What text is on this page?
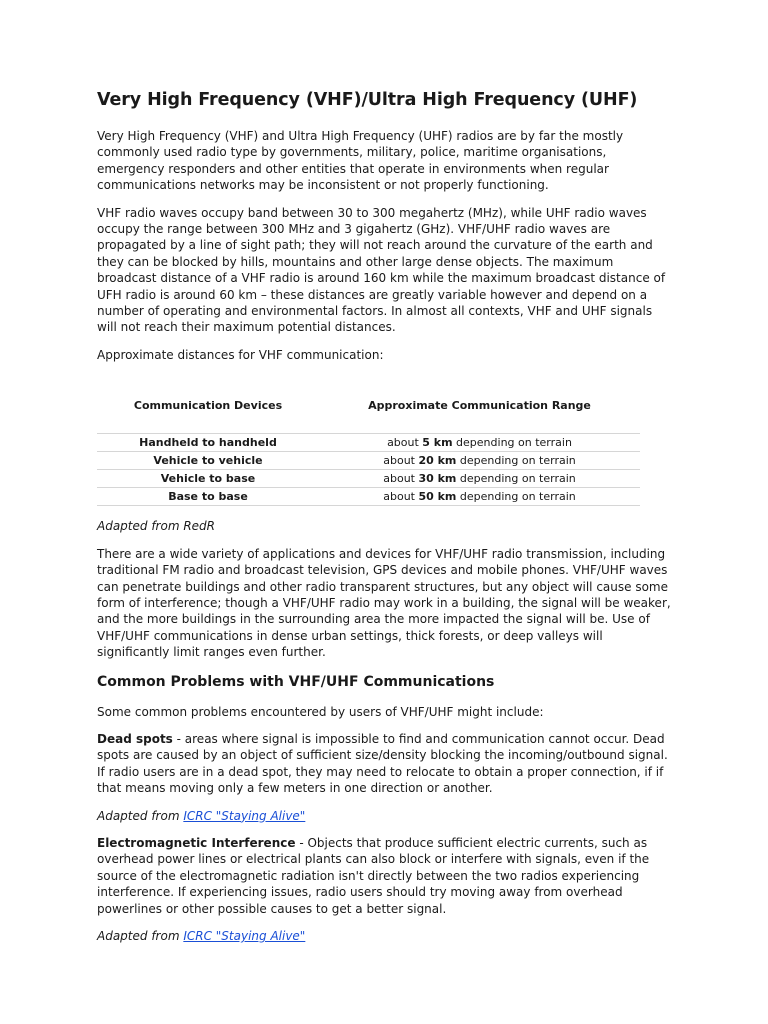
Very High Frequency (VHF)/Ultra High Frequency (UHF)

Very High Frequency (VHF) and Ultra High Frequency (UHF) radios are by far the mostly commonly used radio type by governments, military, police, maritime organisations, emergency responders and other entities that operate in environments when regular communications networks may be inconsistent or not properly functioning.

VHF radio waves occupy band between 30 to 300 megahertz (MHz), while UHF radio waves occupy the range between 300 MHz and 3 gigahertz (GHz). VHF/UHF radio waves are propagated by a line of sight path; they will not reach around the curvature of the earth and they can be blocked by hills, mountains and other large dense objects. The maximum broadcast distance of a VHF radio is around 160 km while the maximum broadcast distance of UFH radio is around 60 km – these distances are greatly variable however and depend on a number of operating and environmental factors. In almost all contexts, VHF and UHF signals will not reach their maximum potential distances.

Approximate distances for VHF communication:

Communication Devices	Approximate Communication Range
Handheld to handheld	about 5 km depending on terrain
Vehicle to vehicle	about 20 km depending on terrain
Vehicle to base	about 30 km depending on terrain
Base to base	about 50 km depending on terrain

Adapted from RedR

There are a wide variety of applications and devices for VHF/UHF radio transmission, including traditional FM radio and broadcast television, GPS devices and mobile phones. VHF/UHF waves can penetrate buildings and other radio transparent structures, but any object will cause some form of interference; though a VHF/UHF radio may work in a building, the signal will be weaker, and the more buildings in the surrounding area the more impacted the signal will be. Use of VHF/UHF communications in dense urban settings, thick forests, or deep valleys will significantly limit ranges even further.

Common Problems with VHF/UHF Communications

Some common problems encountered by users of VHF/UHF might include:

Dead spots - areas where signal is impossible to find and communication cannot occur. Dead spots are caused by an object of sufficient size/density blocking the incoming/outbound signal. If radio users are in a dead spot, they may need to relocate to obtain a proper connection, if if that means moving only a few meters in one direction or another.

Adapted from ICRC "Staying Alive"

Electromagnetic Interference - Objects that produce sufficient electric currents, such as overhead power lines or electrical plants can also block or interfere with signals, even if the source of the electromagnetic radiation isn't directly between the two radios experiencing interference. If experiencing issues, radio users should try moving away from overhead powerlines or other possible causes to get a better signal.

Adapted from ICRC "Staying Alive"
